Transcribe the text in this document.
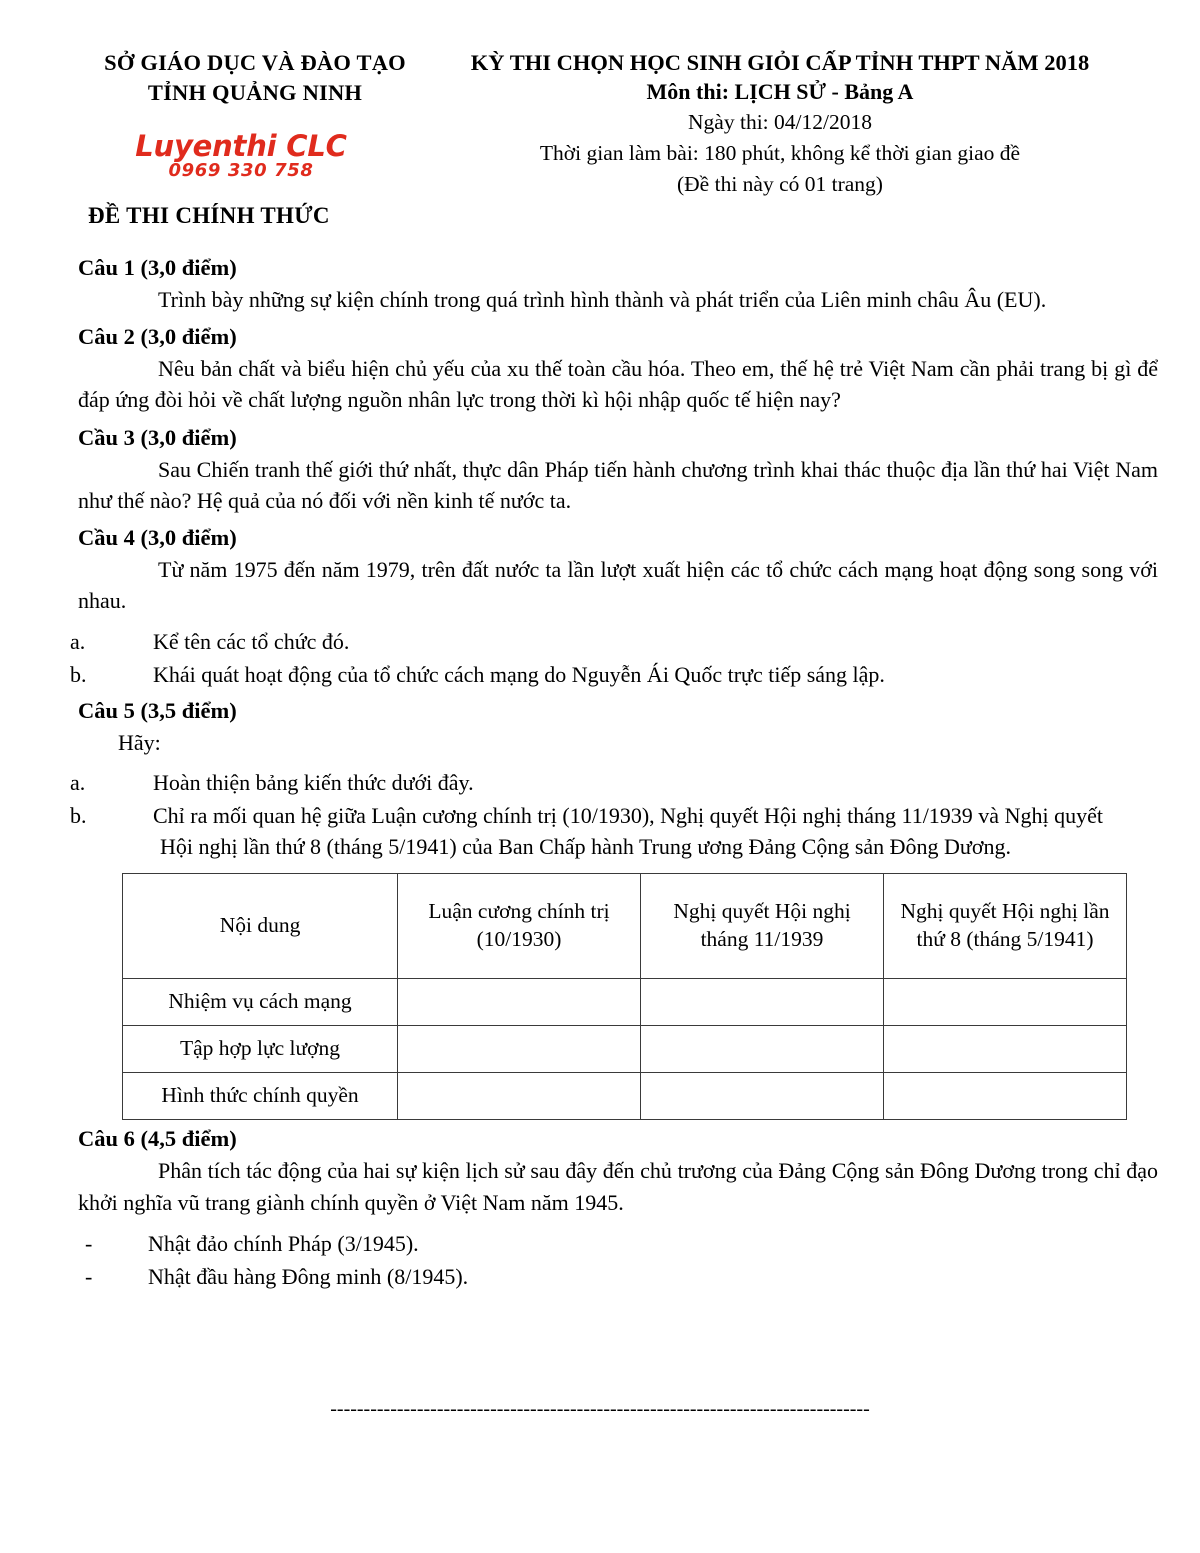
SỞ GIÁO DỤC VÀ ĐÀO TẠO
TỈNH QUẢNG NINH
Luyenthi CLC
0969 330 758
ĐỀ THI CHÍNH THỨC
KỲ THI CHỌN HỌC SINH GIỎI CẤP TỈNH THPT NĂM 2018
Môn thi: LỊCH SỬ - Bảng A
Ngày thi: 04/12/2018
Thời gian làm bài: 180 phút, không kể thời gian giao đề
(Đề thi này có 01 trang)
Câu 1 (3,0 điểm)
Trình bày những sự kiện chính trong quá trình hình thành và phát triển của Liên minh châu Âu (EU).
Câu 2 (3,0 điểm)
Nêu bản chất và biểu hiện chủ yếu của xu thế toàn cầu hóa. Theo em, thế hệ trẻ Việt Nam cần phải trang bị gì để đáp ứng đòi hỏi về chất lượng nguồn nhân lực trong thời kì hội nhập quốc tế hiện nay?
Cầu 3 (3,0 điểm)
Sau Chiến tranh thế giới thứ nhất, thực dân Pháp tiến hành chương trình khai thác thuộc địa lần thứ hai Việt Nam như thế nào? Hệ quả của nó đối với nền kinh tế nước ta.
Cầu 4 (3,0 điểm)
Từ năm 1975 đến năm 1979, trên đất nước ta lần lượt xuất hiện các tổ chức cách mạng hoạt động song song với nhau.
a.	Kể tên các tổ chức đó.
b.	Khái quát hoạt động của tổ chức cách mạng do Nguyễn Ái Quốc trực tiếp sáng lập.
Câu 5 (3,5 điểm)
Hãy:
a.	Hoàn thiện bảng kiến thức dưới đây.
b.	Chỉ ra mối quan hệ giữa Luận cương chính trị (10/1930), Nghị quyết Hội nghị tháng 11/1939 và Nghị quyết Hội nghị lần thứ 8 (tháng 5/1941) của Ban Chấp hành Trung ương Đảng Cộng sản Đông Dương.
Nội dung	Luận cương chính trị (10/1930)	Nghị quyết Hội nghị tháng 11/1939	Nghị quyết Hội nghị lần thứ 8 (tháng 5/1941)
Nhiệm vụ cách mạng			
Tập hợp lực lượng			
Hình thức chính quyền			
Câu 6 (4,5 điểm)
Phân tích tác động của hai sự kiện lịch sử sau đây đến chủ trương của Đảng Cộng sản Đông Dương trong chỉ đạo khởi nghĩa vũ trang giành chính quyền ở Việt Nam năm 1945.
-	Nhật đảo chính Pháp (3/1945).
-	Nhật đầu hàng Đông minh (8/1945).
---------------------------------------------------------------------------------
